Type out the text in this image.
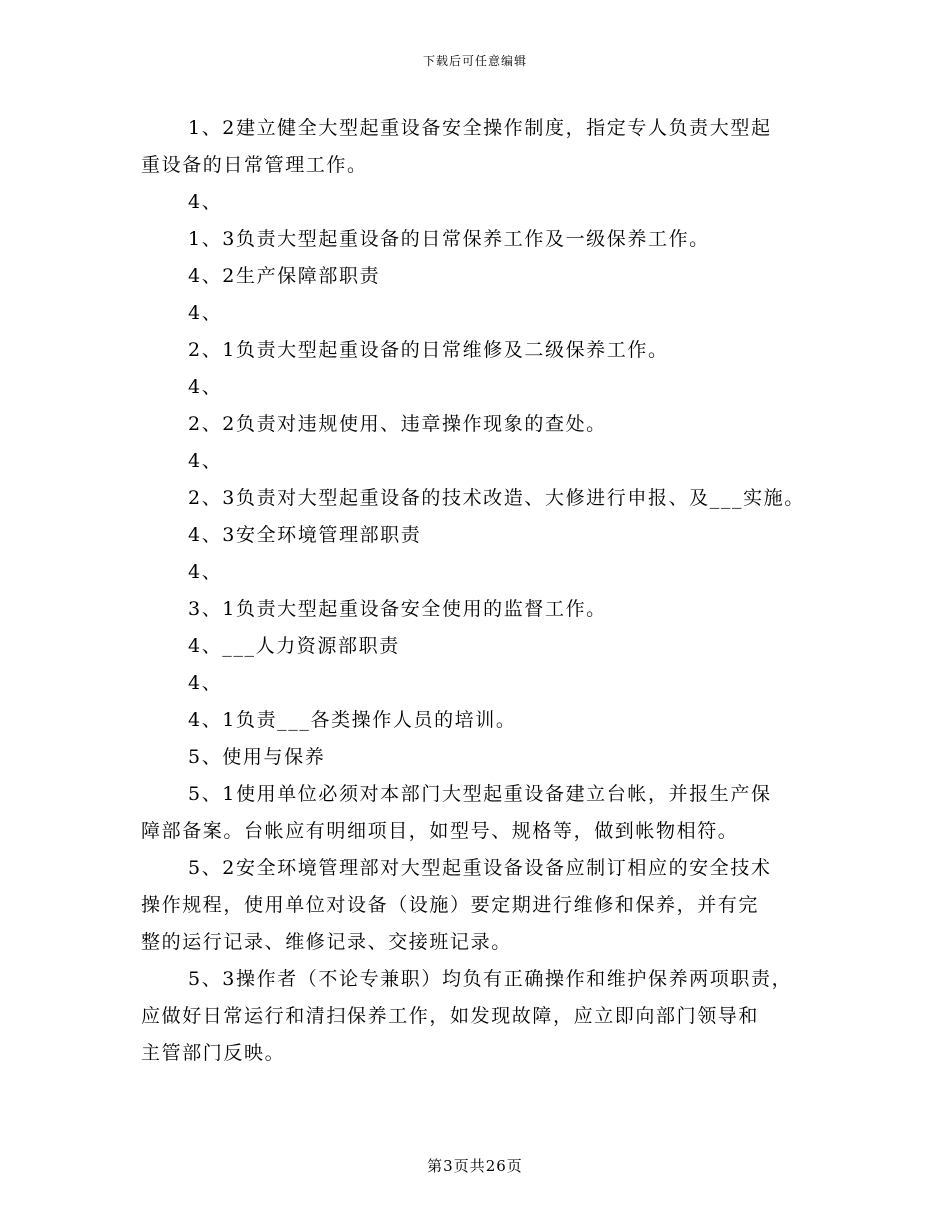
下载后可任意编辑
1、2建立健全大型起重设备安全操作制度，指定专人负责大型起
重设备的日常管理工作。
4、
1、3负责大型起重设备的日常保养工作及一级保养工作。
4、2生产保障部职责
4、
2、1负责大型起重设备的日常维修及二级保养工作。
4、
2、2负责对违规使用、违章操作现象的查处。
4、
2、3负责对大型起重设备的技术改造、大修进行申报、及___实施。
4、3安全环境管理部职责
4、
3、1负责大型起重设备安全使用的监督工作。
4、___人力资源部职责
4、
4、1负责___各类操作人员的培训。
5、使用与保养
5、1使用单位必须对本部门大型起重设备建立台帐，并报生产保
障部备案。台帐应有明细项目，如型号、规格等，做到帐物相符。
5、2安全环境管理部对大型起重设备设备应制订相应的安全技术
操作规程，使用单位对设备（设施）要定期进行维修和保养，并有完
整的运行记录、维修记录、交接班记录。
5、3操作者（不论专兼职）均负有正确操作和维护保养两项职责，
应做好日常运行和清扫保养工作，如发现故障，应立即向部门领导和
主管部门反映。
第3页共26页
